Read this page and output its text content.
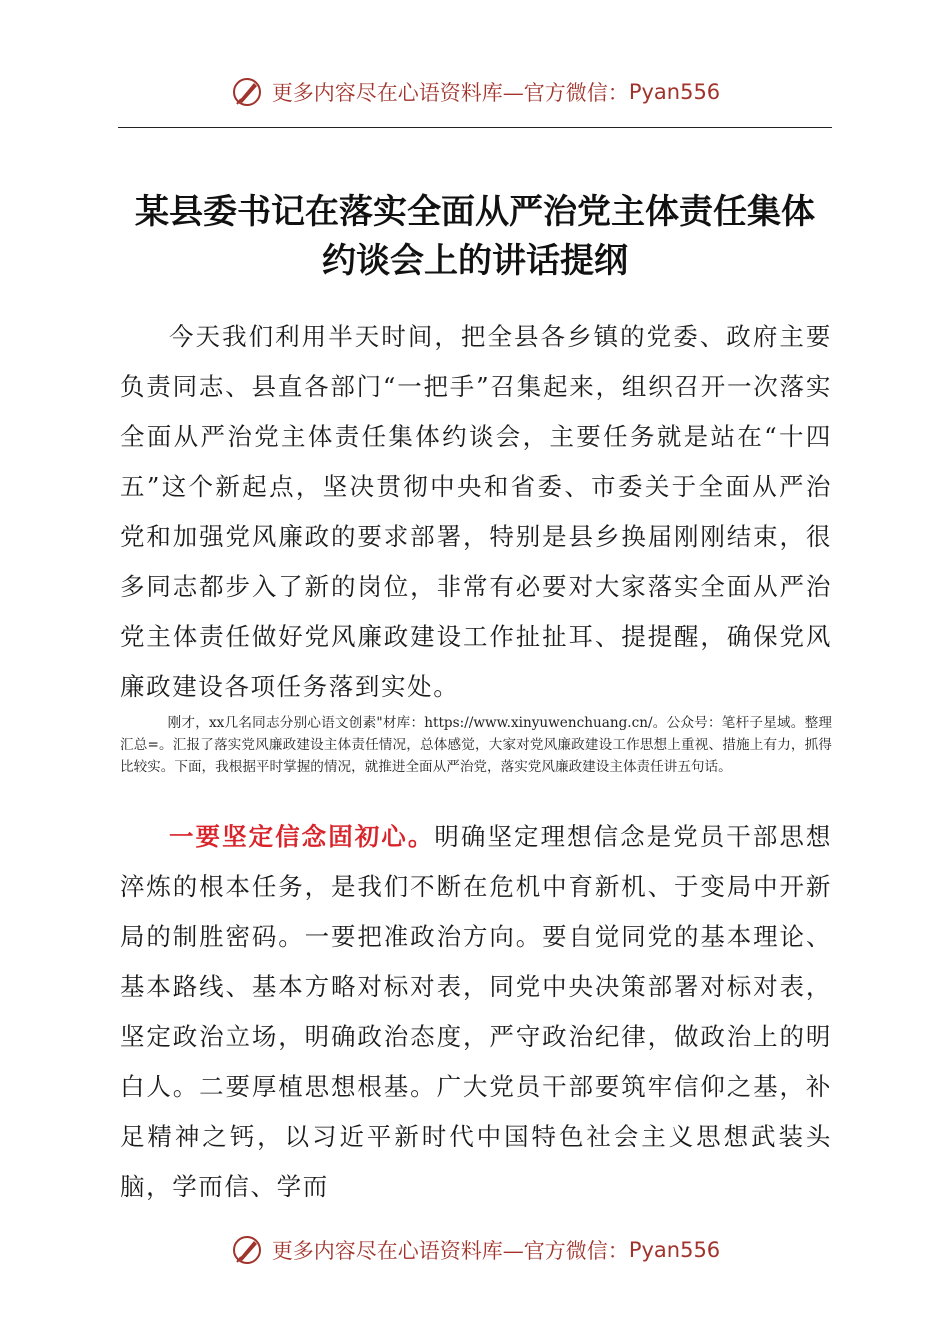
更多内容尽在心语资料库—官方微信： Pyan556
某县委书记在落实全面从严治党主体责任集体
约谈会上的讲话提纲
今天我们利用半天时间，把全县各乡镇的党委、政府主要负责同志、县直各部门“一把手”召集起来，组织召开一次落实全面从严治党主体责任集体约谈会，主要任务就是站在“十四五”这个新起点，坚决贯彻中央和省委、市委关于全面从严治党和加强党风廉政的要求部署，特别是县乡换届刚刚结束，很多同志都步入了新的岗位，非常有必要对大家落实全面从严治党主体责任做好党风廉政建设工作扯扯耳、提提醒，确保党风廉政建设各项任务落到实处。
刚才，xx几名同志分别心语文创素"材库：https://www.xinyuwenchuang.cn/。公众号：笔杆子星域。整理汇总=。汇报了落实党风廉政建设主体责任情况，总体感觉，大家对党风廉政建设工作思想上重视、措施上有力，抓得比较实。下面，我根据平时掌握的情况，就推进全面从严治党，落实党风廉政建设主体责任讲五句话。
一要坚定信念固初心。明确坚定理想信念是党员干部思想淬炼的根本任务，是我们不断在危机中育新机、于变局中开新局的制胜密码。一要把准政治方向。要自觉同党的基本理论、基本路线、基本方略对标对表，同党中央决策部署对标对表，坚定政治立场，明确政治态度，严守政治纪律，做政治上的明白人。二要厚植思想根基。广大党员干部要筑牢信仰之基，补足精神之钙，以习近平新时代中国特色社会主义思想武装头脑，学而信、学而
更多内容尽在心语资料库—官方微信： Pyan556
